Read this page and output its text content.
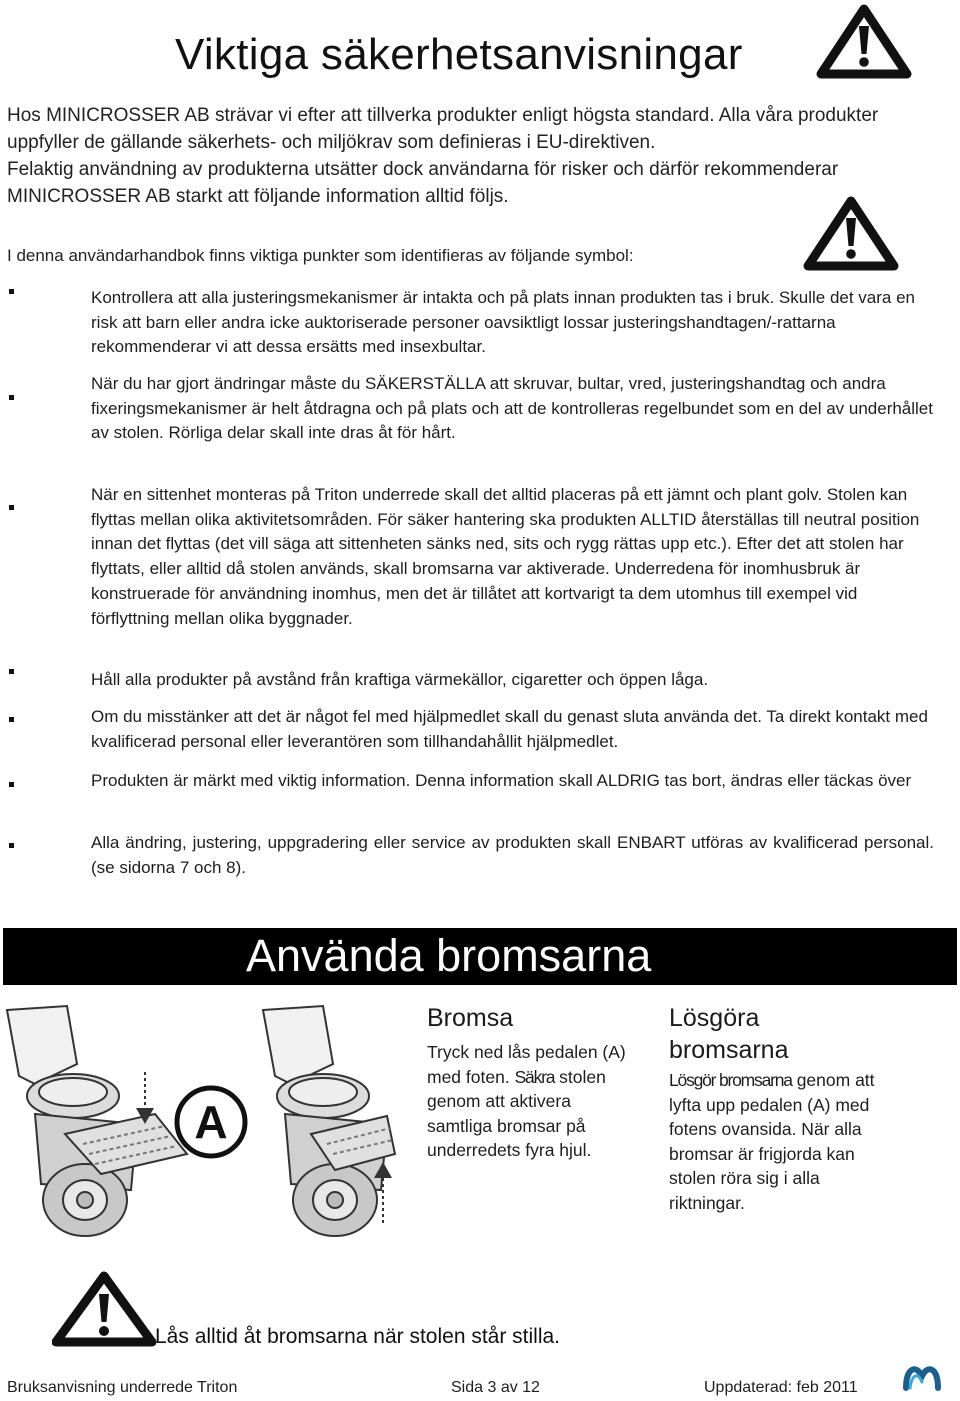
Viktiga säkerhetsanvisningar

Hos MINICROSSER AB strävar vi efter att tillverka produkter enligt högsta standard. Alla våra produkter uppfyller de gällande säkerhets- och miljökrav som definieras i EU-direktiven.

Felaktig användning av produkterna utsätter dock användarna för risker och därför rekommenderar MINICROSSER AB starkt att följande information alltid följs.

I denna användarhandbok finns viktiga punkter som identifieras av följande symbol:
Kontrollera att alla justeringsmekanismer är intakta och på plats innan produkten tas i bruk. Skulle det vara en risk att barn eller andra icke auktoriserade personer oavsiktligt lossar justeringshandtagen/-rattarna rekommenderar vi att dessa ersätts med insexbultar.
När du har gjort ändringar måste du SÄKERSTÄLLA att skruvar, bultar, vred, justeringshandtag och andra fixeringsmekanismer är helt åtdragna och på plats och att de kontrolleras regelbundet som en del av underhållet av stolen. Rörliga delar skall inte dras åt för hårt.
När en sittenhet monteras på Triton underrede skall det alltid placeras på ett jämnt och plant golv. Stolen kan flyttas mellan olika aktivitetsområden. För säker hantering ska produkten ALLTID återställas till neutral position innan det flyttas (det vill säga att sittenheten sänks ned, sits och rygg rättas upp etc.). Efter det att stolen har flyttats, eller alltid då stolen används, skall bromsarna var aktiverade. Underredena för inomhusbruk är konstruerade för användning inomhus, men det är tillåtet att kortvarigt ta dem utomhus till exempel vid förflyttning mellan olika byggnader.
Håll alla produkter på avstånd från kraftiga värmekällor, cigaretter och öppen låga.
Om du misstänker att det är något fel med hjälpmedlet skall du genast sluta använda det. Ta direkt kontakt med kvalificerad personal eller leverantören som tillhandahållit hjälpmedlet.
Produkten är märkt med viktig information. Denna information skall ALDRIG tas bort, ändras eller täckas över
Alla ändring, justering, uppgradering eller service av produkten skall ENBART utföras av kvalificerad personal. (se sidorna 7 och 8).
Använda bromsarna
A
Bromsa
Tryck ned lås pedalen (A) med foten. Säkra stolen genom att aktivera samtliga bromsar på underredets fyra hjul.
Lösgöra bromsarna
Lösgör bromsarna genom att lyfta upp pedalen (A) med fotens ovansida. När alla bromsar är frigjorda kan stolen röra sig i alla riktningar.
Lås alltid åt bromsarna när stolen står stilla.
Bruksanvisning underrede Triton	Sida 3 av 12	Uppdaterad: feb 2011
